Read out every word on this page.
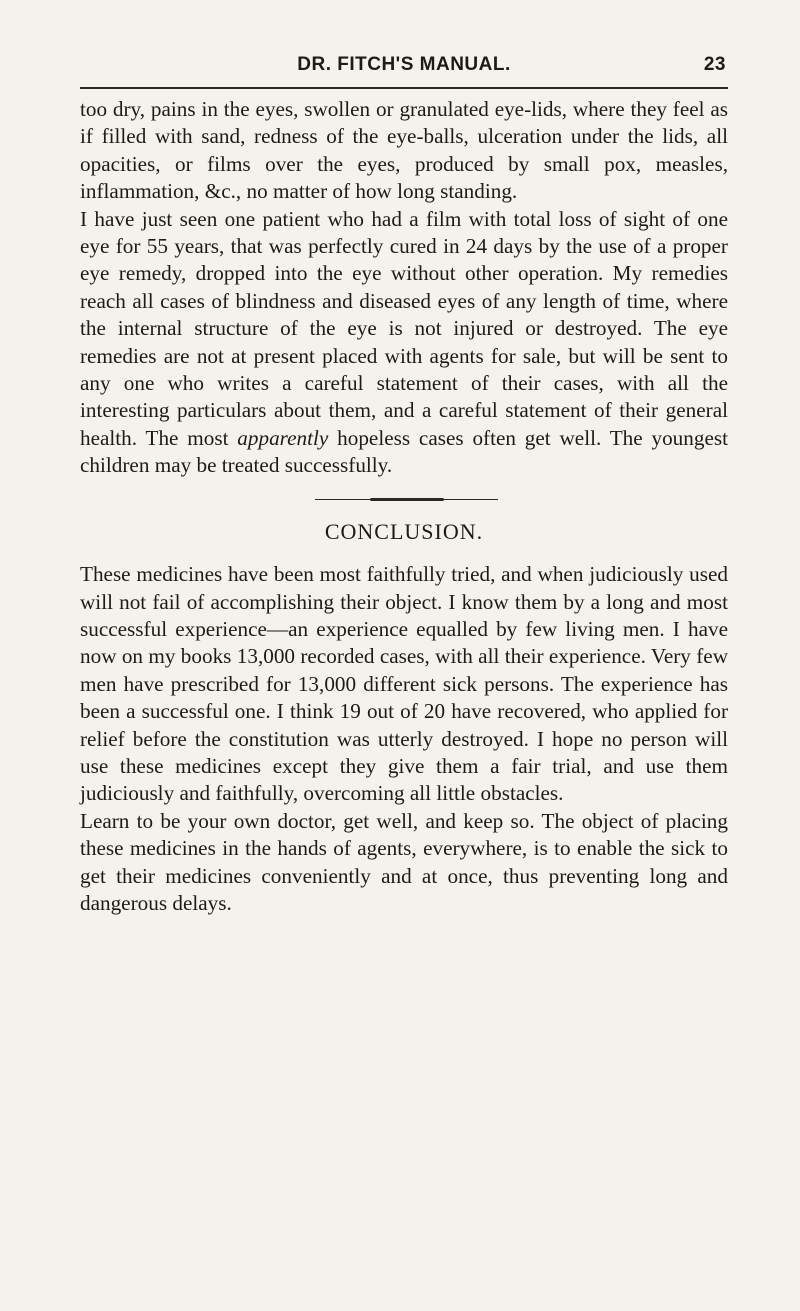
DR. FITCH'S MANUAL.	23

too dry, pains in the eyes, swollen or granulated eye-lids, where they feel as if filled with sand, redness of the eye-balls, ulceration under the lids, all opacities, or films over the eyes, produced by small pox, measles, inflammation, &c., no matter of how long standing.

I have just seen one patient who had a film with total loss of sight of one eye for 55 years, that was perfectly cured in 24 days by the use of a proper eye remedy, dropped into the eye without other operation. My remedies reach all cases of blindness and diseased eyes of any length of time, where the internal structure of the eye is not injured or destroyed. The eye remedies are not at present placed with agents for sale, but will be sent to any one who writes a careful statement of their cases, with all the interesting particulars about them, and a careful statement of their general health. The most apparently hopeless cases often get well. The youngest children may be treated successfully.

CONCLUSION.

These medicines have been most faithfully tried, and when judiciously used will not fail of accomplishing their object. I know them by a long and most successful experience—an experience equalled by few living men. I have now on my books 13,000 recorded cases, with all their experience. Very few men have prescribed for 13,000 different sick persons. The experience has been a successful one. I think 19 out of 20 have recovered, who applied for relief before the constitution was utterly destroyed. I hope no person will use these medicines except they give them a fair trial, and use them judiciously and faithfully, overcoming all little obstacles.

Learn to be your own doctor, get well, and keep so. The object of placing these medicines in the hands of agents, everywhere, is to enable the sick to get their medicines conveniently and at once, thus preventing long and dangerous delays.
